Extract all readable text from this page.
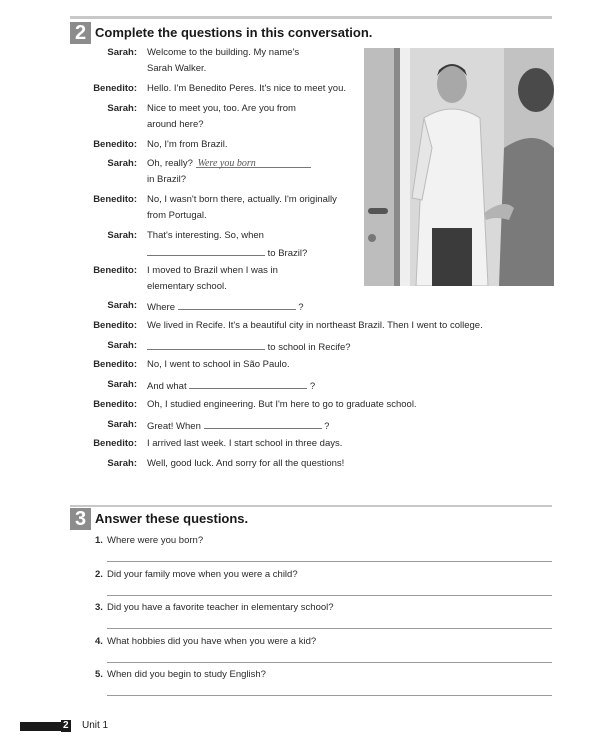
2 Complete the questions in this conversation.
Sarah: Welcome to the building. My name's
Sarah Walker.
Benedito: Hello. I'm Benedito Peres. It's nice to meet you.
Sarah: Nice to meet you, too. Are you from
around here?
Benedito: No, I'm from Brazil.
Sarah: Oh, really? Were you born
in Brazil?
Benedito: No, I wasn't born there, actually. I'm originally
from Portugal.
Sarah: That's interesting. So, when
to Brazil?
Benedito: I moved to Brazil when I was in
elementary school.
Sarah: Where	?
Benedito: We lived in Recife. It's a beautiful city in northeast Brazil. Then I went to college.
Sarah:	to school in Recife?
Benedito: No, I went to school in São Paulo.
Sarah: And what	?
Benedito: Oh, I studied engineering. But I'm here to go to graduate school.
Sarah: Great! When	?
Benedito: I arrived last week. I start school in three days.
Sarah: Well, good luck. And sorry for all the questions!
3 Answer these questions.
1. Where were you born?
2. Did your family move when you were a child?
3. Did you have a favorite teacher in elementary school?
4. What hobbies did you have when you were a kid?
5. When did you begin to study English?
2 Unit 1
